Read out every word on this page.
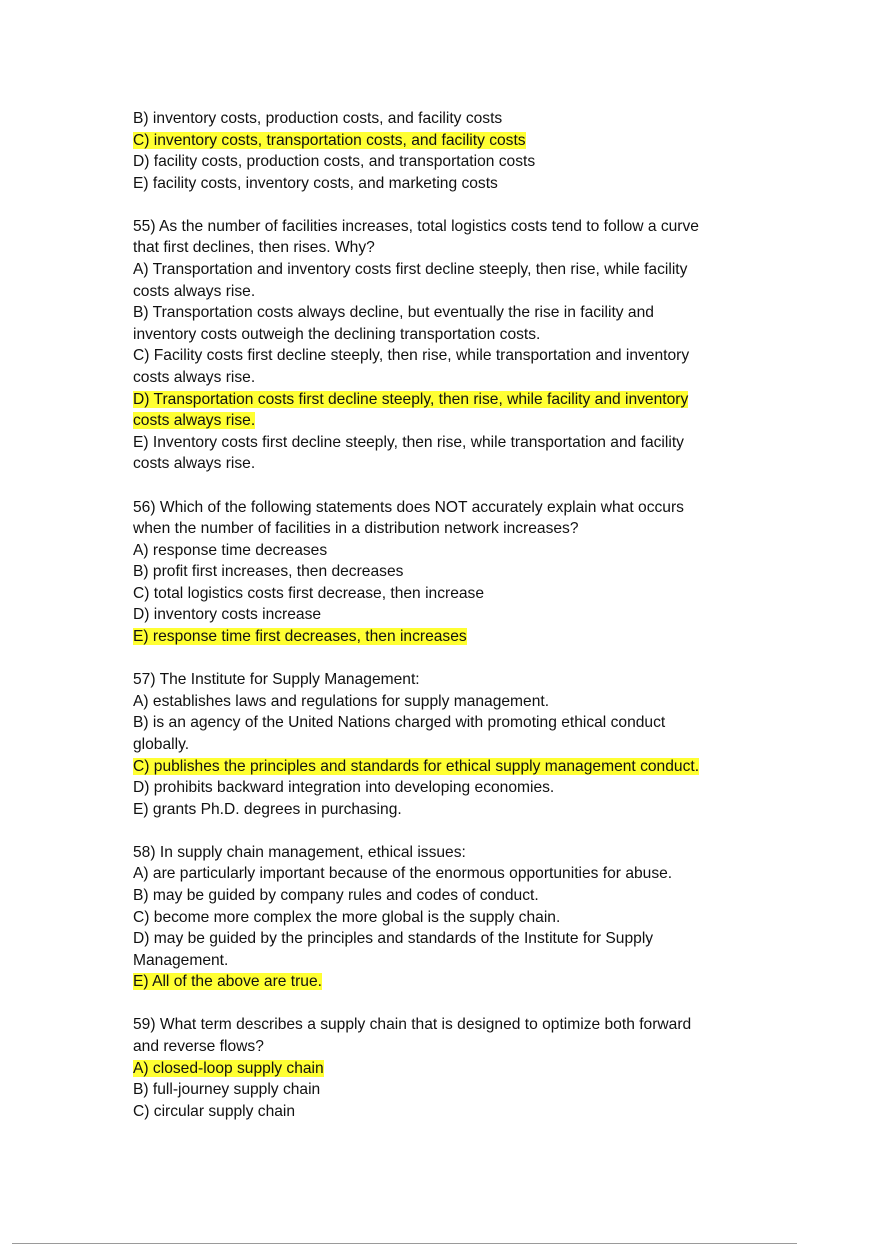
B) inventory costs, production costs, and facility costs
C) inventory costs, transportation costs, and facility costs
D) facility costs, production costs, and transportation costs
E) facility costs, inventory costs, and marketing costs
55) As the number of facilities increases, total logistics costs tend to follow a curve
that first declines, then rises. Why?
A) Transportation and inventory costs first decline steeply, then rise, while facility
costs always rise.
B) Transportation costs always decline, but eventually the rise in facility and
inventory costs outweigh the declining transportation costs.
C) Facility costs first decline steeply, then rise, while transportation and inventory
costs always rise.
D) Transportation costs first decline steeply, then rise, while facility and inventory
costs always rise.
E) Inventory costs first decline steeply, then rise, while transportation and facility
costs always rise.
56) Which of the following statements does NOT accurately explain what occurs
when the number of facilities in a distribution network increases?
A) response time decreases
B) profit first increases, then decreases
C) total logistics costs first decrease, then increase
D) inventory costs increase
E) response time first decreases, then increases
57) The Institute for Supply Management:
A) establishes laws and regulations for supply management.
B) is an agency of the United Nations charged with promoting ethical conduct
globally.
C) publishes the principles and standards for ethical supply management conduct.
D) prohibits backward integration into developing economies.
E) grants Ph.D. degrees in purchasing.
58) In supply chain management, ethical issues:
A) are particularly important because of the enormous opportunities for abuse.
B) may be guided by company rules and codes of conduct.
C) become more complex the more global is the supply chain.
D) may be guided by the principles and standards of the Institute for Supply
Management.
E) All of the above are true.
59) What term describes a supply chain that is designed to optimize both forward
and reverse flows?
A) closed-loop supply chain
B) full-journey supply chain
C) circular supply chain
